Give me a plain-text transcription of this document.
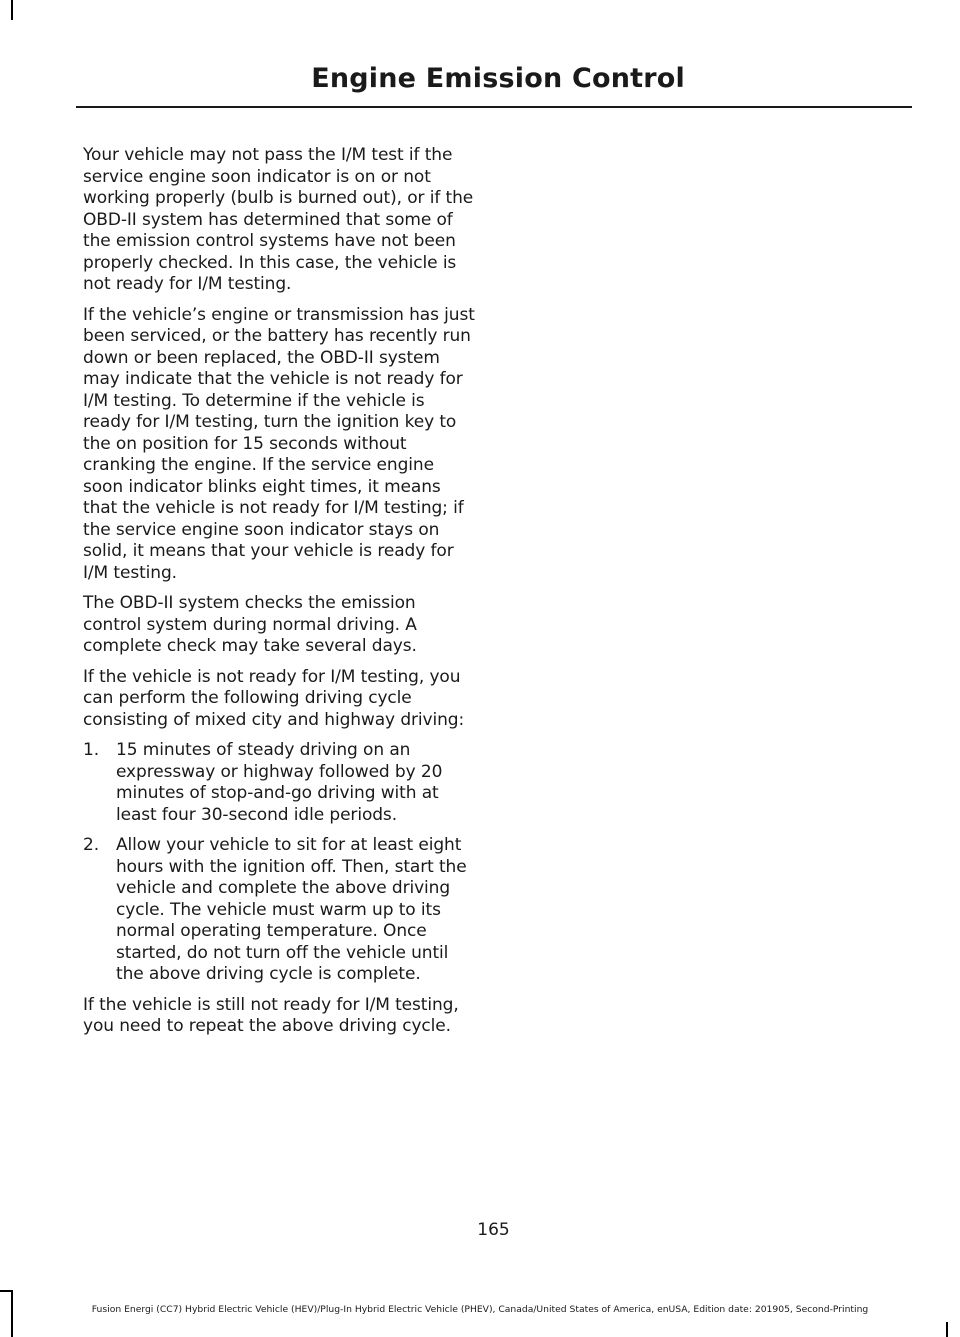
Engine Emission Control

Your vehicle may not pass the I/M test if the service engine soon indicator is on or not working properly (bulb is burned out), or if the OBD-II system has determined that some of the emission control systems have not been properly checked. In this case, the vehicle is not ready for I/M testing.

If the vehicle’s engine or transmission has just been serviced, or the battery has recently run down or been replaced, the OBD-II system may indicate that the vehicle is not ready for I/M testing. To determine if the vehicle is ready for I/M testing, turn the ignition key to the on position for 15 seconds without cranking the engine. If the service engine soon indicator blinks eight times, it means that the vehicle is not ready for I/M testing; if the service engine soon indicator stays on solid, it means that your vehicle is ready for I/M testing.

The OBD-II system checks the emission control system during normal driving. A complete check may take several days.

If the vehicle is not ready for I/M testing, you can perform the following driving cycle consisting of mixed city and highway driving:

1. 15 minutes of steady driving on an expressway or highway followed by 20 minutes of stop-and-go driving with at least four 30-second idle periods.
2. Allow your vehicle to sit for at least eight hours with the ignition off. Then, start the vehicle and complete the above driving cycle. The vehicle must warm up to its normal operating temperature. Once started, do not turn off the vehicle until the above driving cycle is complete.

If the vehicle is still not ready for I/M testing, you need to repeat the above driving cycle.

165
Fusion Energi (CC7) Hybrid Electric Vehicle (HEV)/Plug-In Hybrid Electric Vehicle (PHEV), Canada/United States of America, enUSA, Edition date: 201905, Second-Printing
